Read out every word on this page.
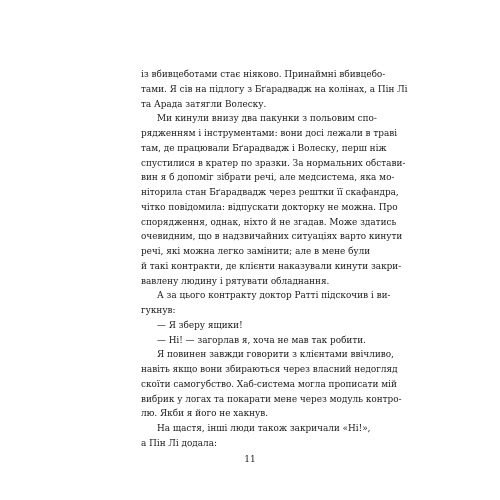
із вбивцеботами стає ніяково. Принаймні вбивцебо-
тами. Я сів на підлогу з Бґарадвадж на колінах, а Пін Лі
та Арада затягли Волеску.
Ми кинули внизу два пакунки з польовим спо-
рядженням і інструментами: вони досі лежали в траві
там, де працювали Бґарадвадж і Волеску, перш ніж
спустилися в кратер по зразки. За нормальних обстави-
вин я б допоміг зібрати речі, але медсистема, яка мо-
ніторила стан Бґарадвадж через рештки її скафандра,
чітко повідомила: відпускати докторку не можна. Про
спорядження, однак, ніхто й не згадав. Може здатись
очевидним, що в надзвичайних ситуаціях варто кинути
речі, які можна легко замінити; але в мене були
й такі контракти, де клієнти наказували кинути закри-
вавлену людину і рятувати обладнання.
А за цього контракту доктор Ратті підскочив і ви-
гукнув:
— Я зберу ящики!
— Ні! — загорлав я, хоча не мав так робити.
Я повинен завжди говорити з клієнтами ввічливо,
навіть якщо вони збираються через власний недогляд
скоїти самогубство. Хаб-система могла прописати мій
вибрик у логах та покарати мене через модуль контро-
лю. Якби я його не хакнув.
На щастя, інші люди також закричали «Ні!»,
а Пін Лі додала:
11
